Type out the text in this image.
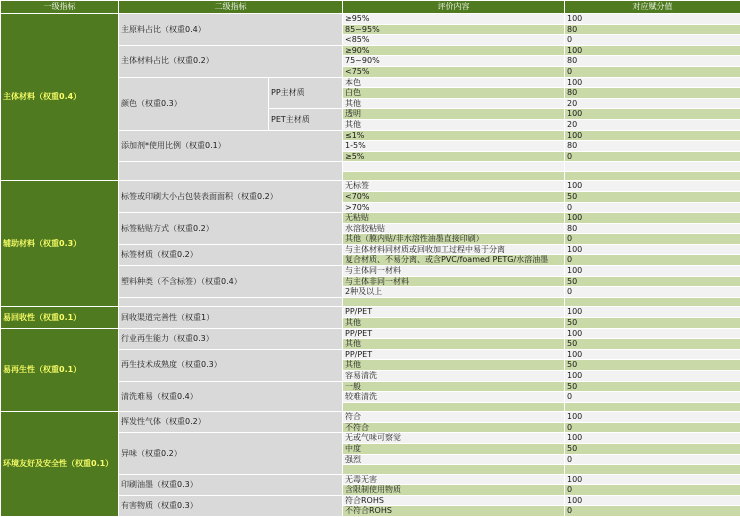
一级指标	二级指标		评价内容	对应赋分值
主体材料（权重0.4）	主原料占比（权重0.4）		≥95%	100
			85~95%	80
			<85%	0
	主体材料占比（权重0.2）		≥90%	100
			75~90%	80
			<75%	0
	颜色（权重0.3）	PP主材质	本色	100
			白色	80
			其他	20
		PET主材质	透明	100
			其他	20
	添加剂*使用比例（权重0.1）		≤1%	100
			1-5%	80
			≥5%	0

辅助材料（权重0.3）	标签或印刷大小占包装表面面积（权重0.2）		无标签	100
			<70%	50
			>70%	0
	标签粘贴方式（权重0.2）		无粘贴	100
			水溶胶粘贴	80
			其他（膜内贴/非水溶性油墨直接印刷）	0
	标签材质（权重0.2）		与主体材料同材质或回收加工过程中易于分离	100
			复合材质、不易分离、或含PVC/foamed PETG/水溶油墨	0
	塑料种类（不含标签）（权重0.4）		与主体同一材料	100
			与主体非同一材料	50
			2种及以上	0

易回收性（权重0.1）	回收渠道完善性（权重1）		PP/PET	100
			其他	50
易再生性（权重0.1）	行业再生能力（权重0.3）		PP/PET	100
			其他	50
	再生技术成熟度（权重0.3）		PP/PET	100
			其他	50
			容易清洗	100
	清洗难易（权重0.4）		一般	50
			较难清洗	0

环境友好及安全性（权重0.1）	挥发性气体（权重0.2）		符合	100
			不符合	0
	异味（权重0.2）		无或气味可察觉	100
			中度	50
			强烈	0

	印刷油墨（权重0.3）		无毒无害	100
			含限制使用物质	0
	有害物质（权重0.3）		符合ROHS	100
			不符合ROHS	0
